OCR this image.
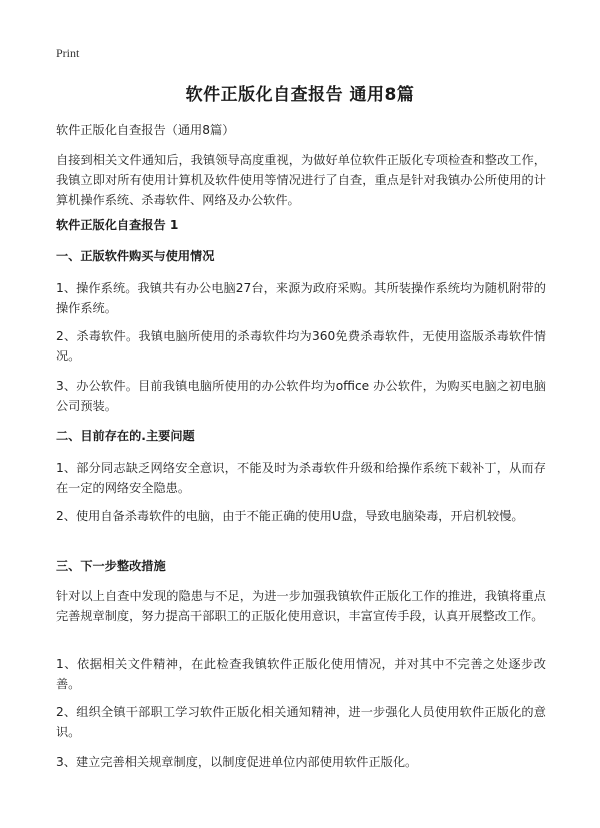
Print
软件正版化自查报告 通用8篇
软件正版化自查报告（通用8篇）
自接到相关文件通知后，我镇领导高度重视，为做好单位软件正版化专项检查和整改工作，我镇立即对所有使用计算机及软件使用等情况进行了自查，重点是针对我镇办公所使用的计算机操作系统、杀毒软件、网络及办公软件。
软件正版化自查报告 1
一、正版软件购买与使用情况
1、操作系统。我镇共有办公电脑27台，来源为政府采购。其所装操作系统均为随机附带的操作系统。
2、杀毒软件。我镇电脑所使用的杀毒软件均为360免费杀毒软件，无使用盗版杀毒软件情况。
3、办公软件。目前我镇电脑所使用的办公软件均为office 办公软件，为购买电脑之初电脑公司预装。
二、目前存在的.主要问题
1、部分同志缺乏网络安全意识，不能及时为杀毒软件升级和给操作系统下载补丁，从而存在一定的网络安全隐患。
2、使用自备杀毒软件的电脑，由于不能正确的使用U盘，导致电脑染毒，开启机较慢。
三、下一步整改措施
针对以上自查中发现的隐患与不足，为进一步加强我镇软件正版化工作的推进，我镇将重点完善规章制度，努力提高干部职工的正版化使用意识，丰富宣传手段，认真开展整改工作。
1、依据相关文件精神，在此检查我镇软件正版化使用情况，并对其中不完善之处逐步改善。
2、组织全镇干部职工学习软件正版化相关通知精神，进一步强化人员使用软件正版化的意识。
3、建立完善相关规章制度，以制度促进单位内部使用软件正版化。
